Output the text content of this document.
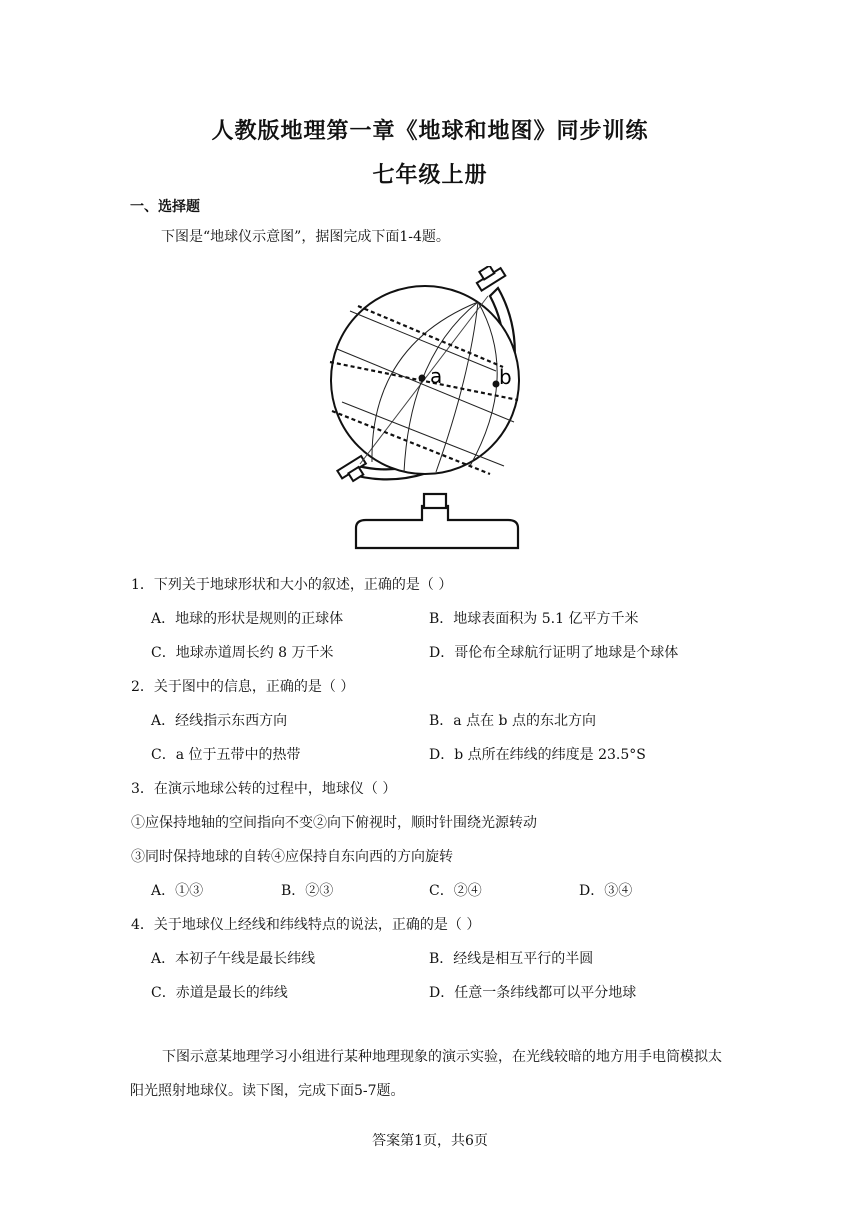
人教版地理第一章《地球和地图》同步训练
七年级上册
一、选择题
下图是“地球仪示意图”，据图完成下面1-4题。
a	b
1．下列关于地球形状和大小的叙述，正确的是（ ）
A．地球的形状是规则的正球体	B．地球表面积为 5.1 亿平方千米
C．地球赤道周长约 8 万千米	D．哥伦布全球航行证明了地球是个球体
2．关于图中的信息，正确的是（ ）
A．经线指示东西方向	B．a 点在 b 点的东北方向
C．a 位于五带中的热带	D．b 点所在纬线的纬度是 23.5°S
3．在演示地球公转的过程中，地球仪（ ）
①应保持地轴的空间指向不变②向下俯视时，顺时针围绕光源转动
③同时保持地球的自转④应保持自东向西的方向旋转
A．①③	B．②③	C．②④	D．③④
4．关于地球仪上经线和纬线特点的说法，正确的是（ ）
A．本初子午线是最长纬线	B．经线是相互平行的半圆
C．赤道是最长的纬线	D．任意一条纬线都可以平分地球
下图示意某地理学习小组进行某种地理现象的演示实验，在光线较暗的地方用手电筒模拟太阳光照射地球仪。读下图，完成下面5-7题。
答案第1页，共6页
